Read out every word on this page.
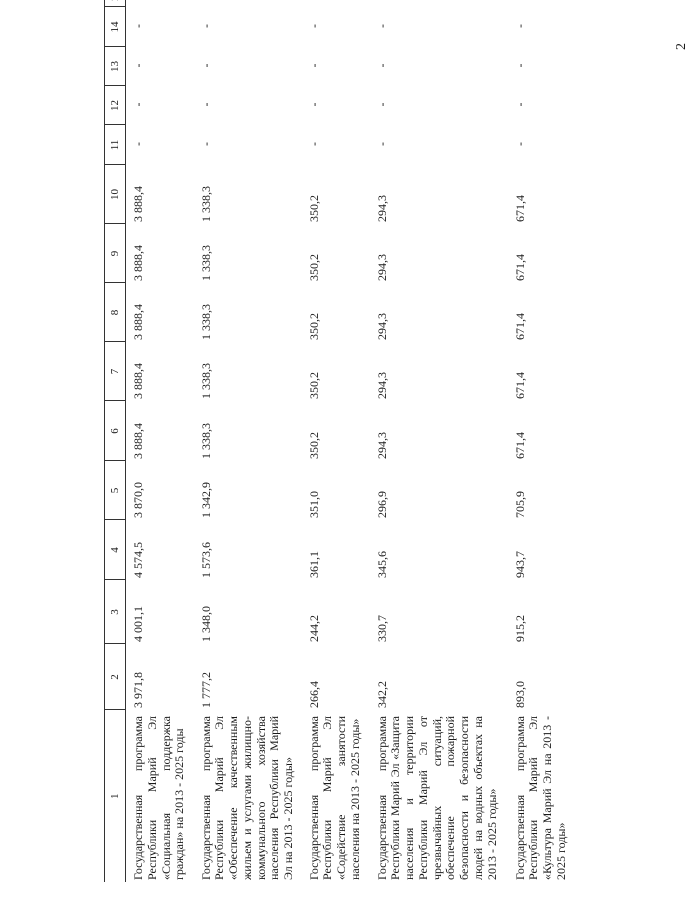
2
1	2	3	4	5	6	7	8	9	10	11	12	13	14	
Государственная программа Республики Марий Эл «Социальная поддержка граждан» на 2013 - 2025 годы	3 971,8	4 001,1	4 574,5	3 870,0	3 888,4	3 888,4	3 888,4	3 888,4	3 888,4	-	-	-	-	
Государственная программа Республики Марий Эл «Обеспечение качественным жильем и услугами жилищно-коммунального хозяйства населения Республики Марий Эл на 2013 - 2025 годы»	1 777,2	1 348,0	1 573,6	1 342,9	1 338,3	1 338,3	1 338,3	1 338,3	1 338,3	-	-	-	-	
Государственная программа Республики Марий Эл «Содействие занятости населения на 2013 - 2025 годы»	266,4	244,2	361,1	351,0	350,2	350,2	350,2	350,2	350,2	-	-	-	-	
Государственная программа Республики Марий Эл «Защита населения и территории Республики Марий Эл от чрезвычайных ситуаций, обеспечение пожарной безопасности и безопасности людей на водных объектах на 2013 - 2025 годы»	342,2	330,7	345,6	296,9	294,3	294,3	294,3	294,3	294,3	-	-	-	-	
Государственная программа Республики Марий Эл «Культура Марий Эл на 2013 - 2025 годы»	893,0	915,2	943,7	705,9	671,4	671,4	671,4	671,4	671,4	-	-	-	-	
